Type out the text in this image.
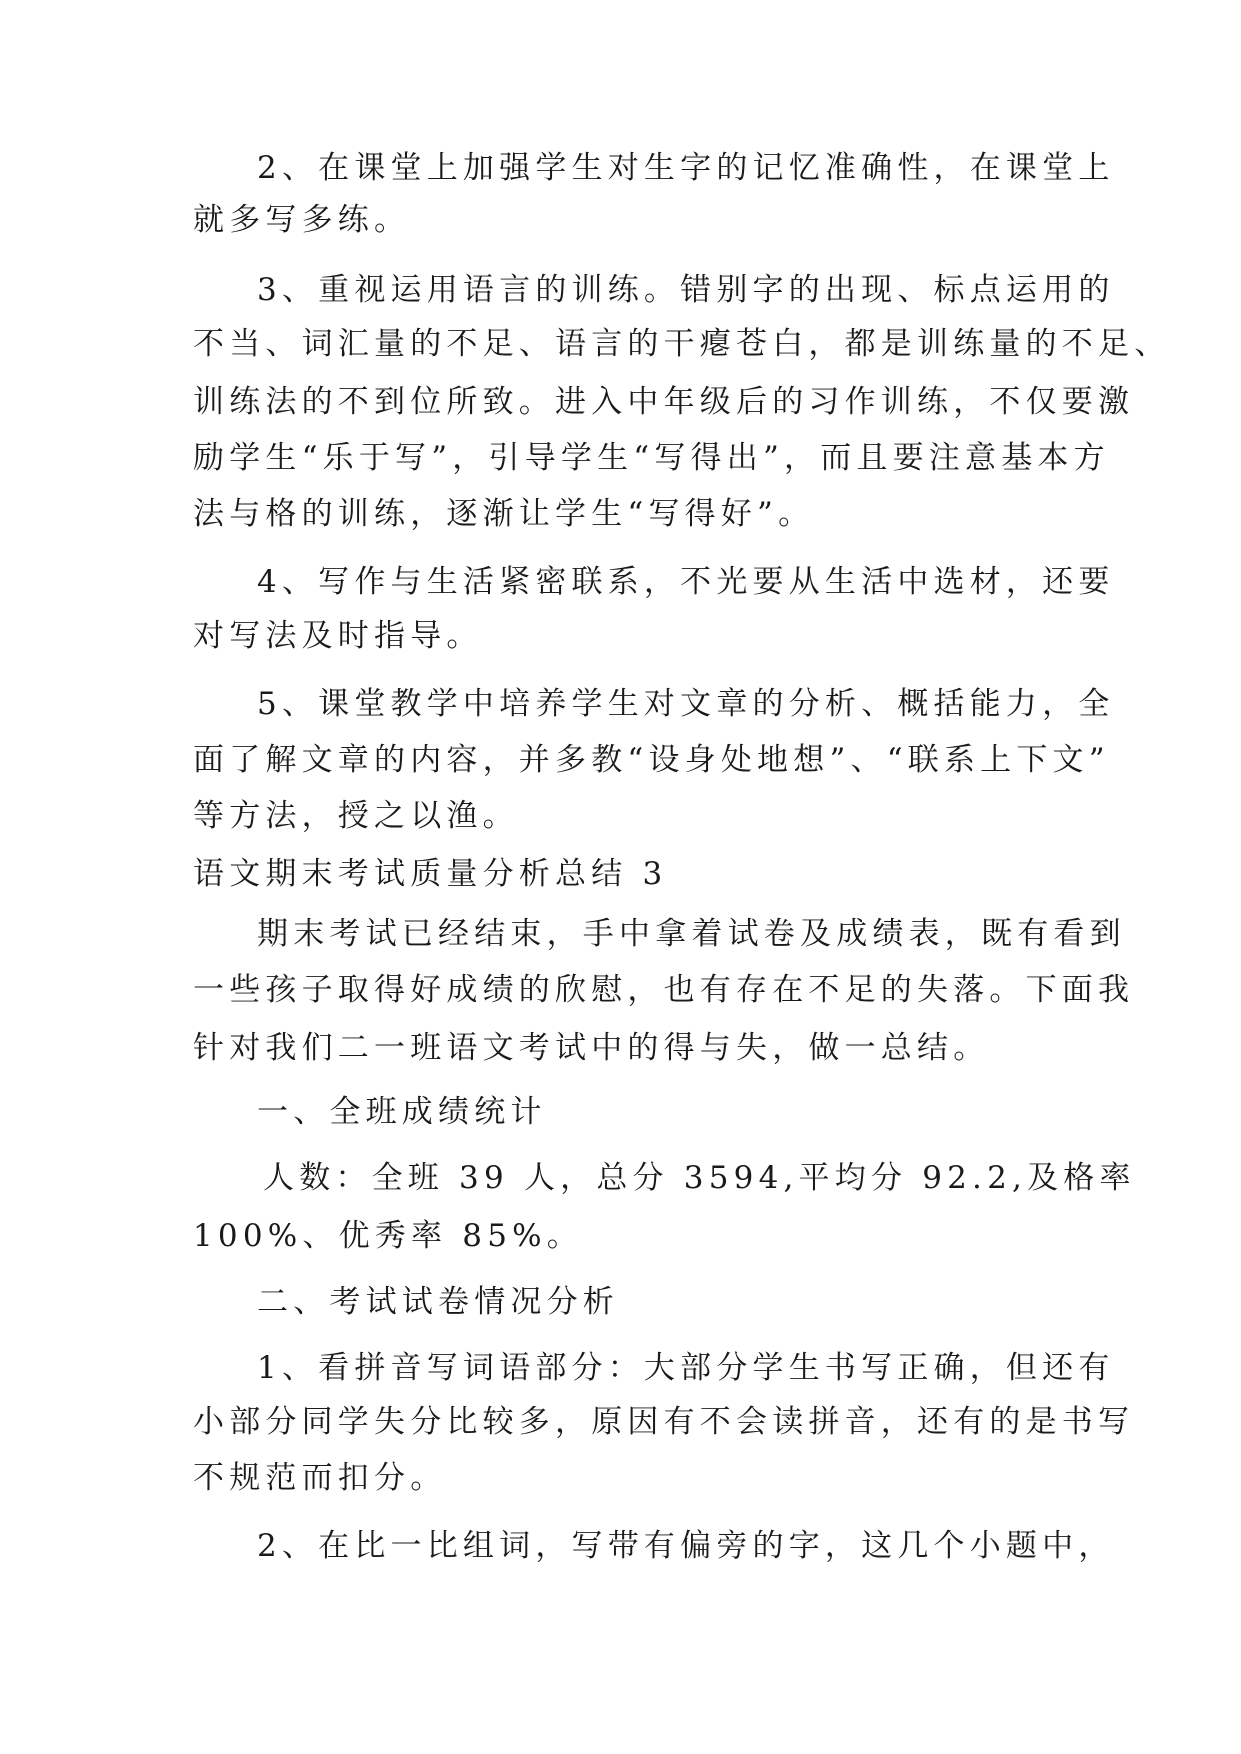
2、在课堂上加强学生对生字的记忆准确性，在课堂上
就多写多练。
3、重视运用语言的训练。错别字的出现、标点运用的
不当、词汇量的不足、语言的干瘪苍白，都是训练量的不足、
训练法的不到位所致。进入中年级后的习作训练，不仅要激
励学生“乐于写”，引导学生“写得出”，而且要注意基本方
法与格的训练，逐渐让学生“写得好”。
4、写作与生活紧密联系，不光要从生活中选材，还要
对写法及时指导。
5、课堂教学中培养学生对文章的分析、概括能力，全
面了解文章的内容，并多教“设身处地想”、“联系上下文”
等方法，授之以渔。
语文期末考试质量分析总结 3
期末考试已经结束，手中拿着试卷及成绩表，既有看到
一些孩子取得好成绩的欣慰，也有存在不足的失落。下面我
针对我们二一班语文考试中的得与失，做一总结。
一、全班成绩统计
人数：全班 39 人，总分 3594,平均分 92.2,及格率
100%、优秀率 85%。
二、考试试卷情况分析
1、看拼音写词语部分：大部分学生书写正确，但还有
小部分同学失分比较多，原因有不会读拼音，还有的是书写
不规范而扣分。
2、在比一比组词，写带有偏旁的字，这几个小题中，
